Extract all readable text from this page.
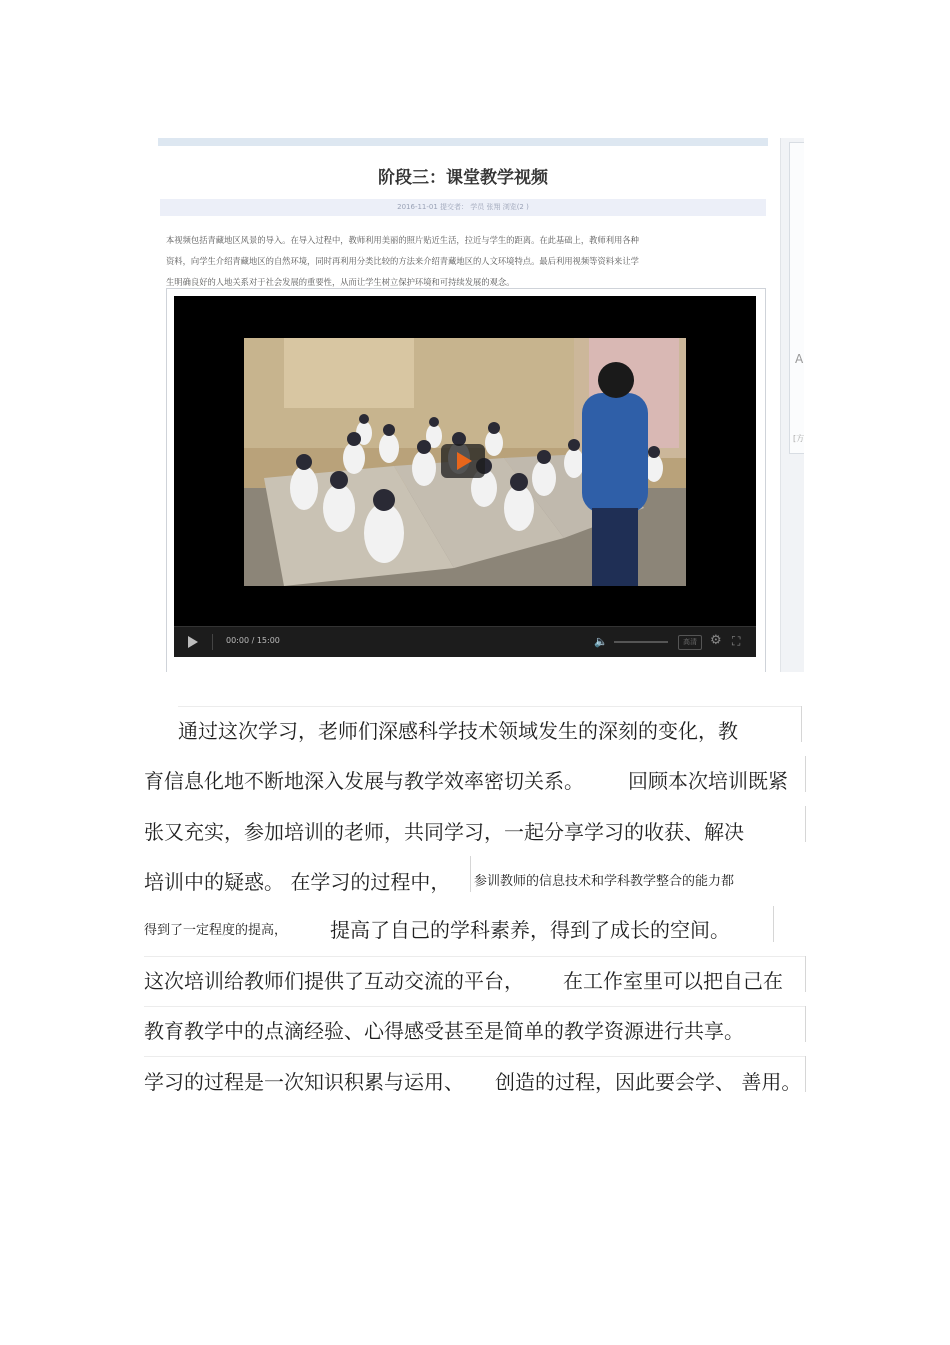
A
[方
阶段三：课堂教学视频
2016-11-01 提交者： 学员 张翔 浏览(2 )
本视频包括青藏地区风景的导入。在导入过程中，教师利用美丽的照片贴近生活，拉近与学生的距离。在此基础上，教师利用各种
资料，向学生介绍青藏地区的自然环境，同时再利用分类比较的方法来介绍青藏地区的人文环境特点。最后利用视频等资料来让学
生明确良好的人地关系对于社会发展的重要性，从而让学生树立保护环境和可持续发展的观念。
00:00 / 15:00	🔈	高清	⚙ ⛶
通过这次学习，老师们深感科学技术领域发生的深刻的变化，教
育信息化地不断地深入发展与教学效率密切关系。 回顾本次培训既紧
张又充实，参加培训的老师，共同学习，一起分享学习的收获、解决
培训中的疑惑。 在学习的过程中， 参训教师的信息技术和学科教学整合的能力都
得到了一定程度的提高， 提高了自己的学科素养，得到了成长的空间。
这次培训给教师们提供了互动交流的平台， 在工作室里可以把自己在
教育教学中的点滴经验、心得感受甚至是简单的教学资源进行共享。
学习的过程是一次知识积累与运用、 创造的过程，因此要会学、 善用。
